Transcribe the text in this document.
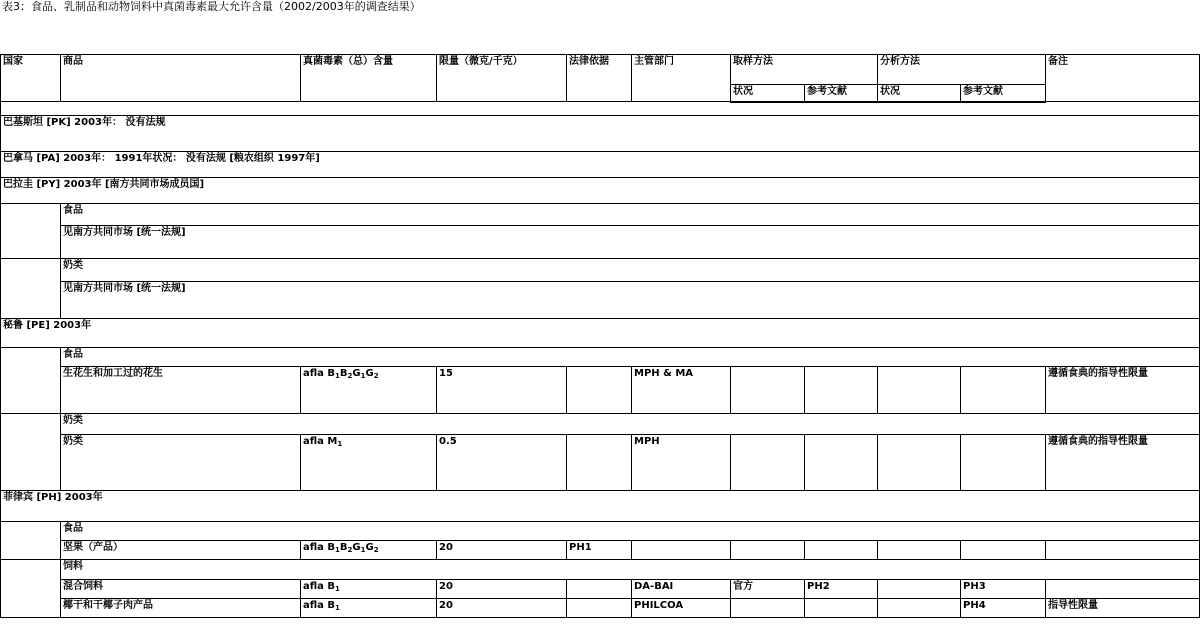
表3：食品、乳制品和动物饲料中真菌毒素最大允许含量（2002/2003年的调查结果）
国家	商品	真菌毒素（总）含量	限量（微克/千克）	法律依据	主管部门	取样方法		分析方法		备注
						状况	参考文献	状况	参考文献	

巴基斯坦 [PK] 2003年： 没有法规										
巴拿马 [PA] 2003年： 1991年状况： 没有法规 [粮农组织 1997年]										
巴拉圭 [PY] 2003年 [南方共同市场成员国]										
	食品									
	见南方共同市场 [统一法规]									
	奶类									
	见南方共同市场 [统一法规]									
秘鲁 [PE] 2003年										
	食品									
	生花生和加工过的花生	afla $B_1B_2G_1G_2$	15		MPH & MA					遵循食典的指导性限量
	奶类									
	奶类	afla $M_1$	0.5		MPH					遵循食典的指导性限量
菲律宾 [PH] 2003年										
	食品									
	坚果（产品）	afla $B_1B_2G_1G_2$	20	PH1						
	饲料									
	混合饲料	afla $B_1$	20		DA-BAI	官方	PH2		PH3	
	椰干和干椰子肉产品	afla $B_1$	20		PHILCOA				PH4	指导性限量
